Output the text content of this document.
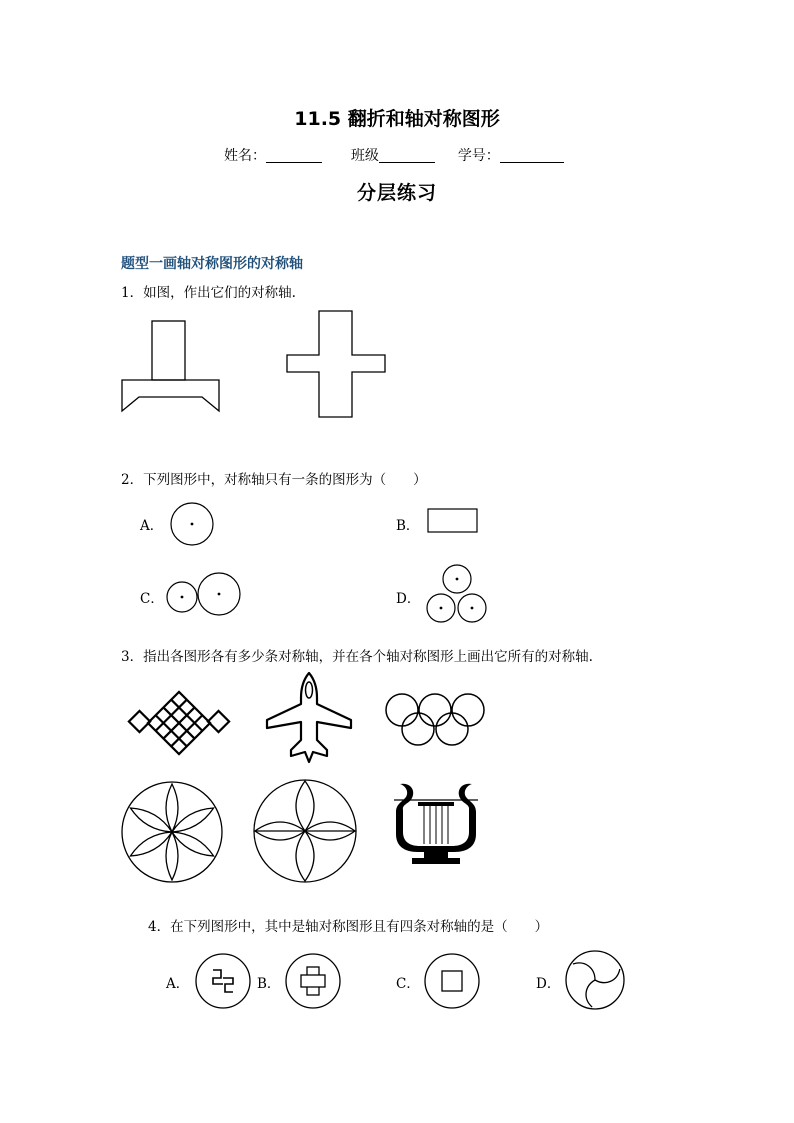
11.5 翻折和轴对称图形
姓名：	班级	学号：
分层练习
题型一画轴对称图形的对称轴
1．如图，作出它们的对称轴.
2．下列图形中，对称轴只有一条的图形为（　　）
A．	B．
C．	D．
3．指出各图形各有多少条对称轴，并在各个轴对称图形上画出它所有的对称轴.
4．在下列图形中，其中是轴对称图形且有四条对称轴的是（　　）
A．	B．	C．	D．
